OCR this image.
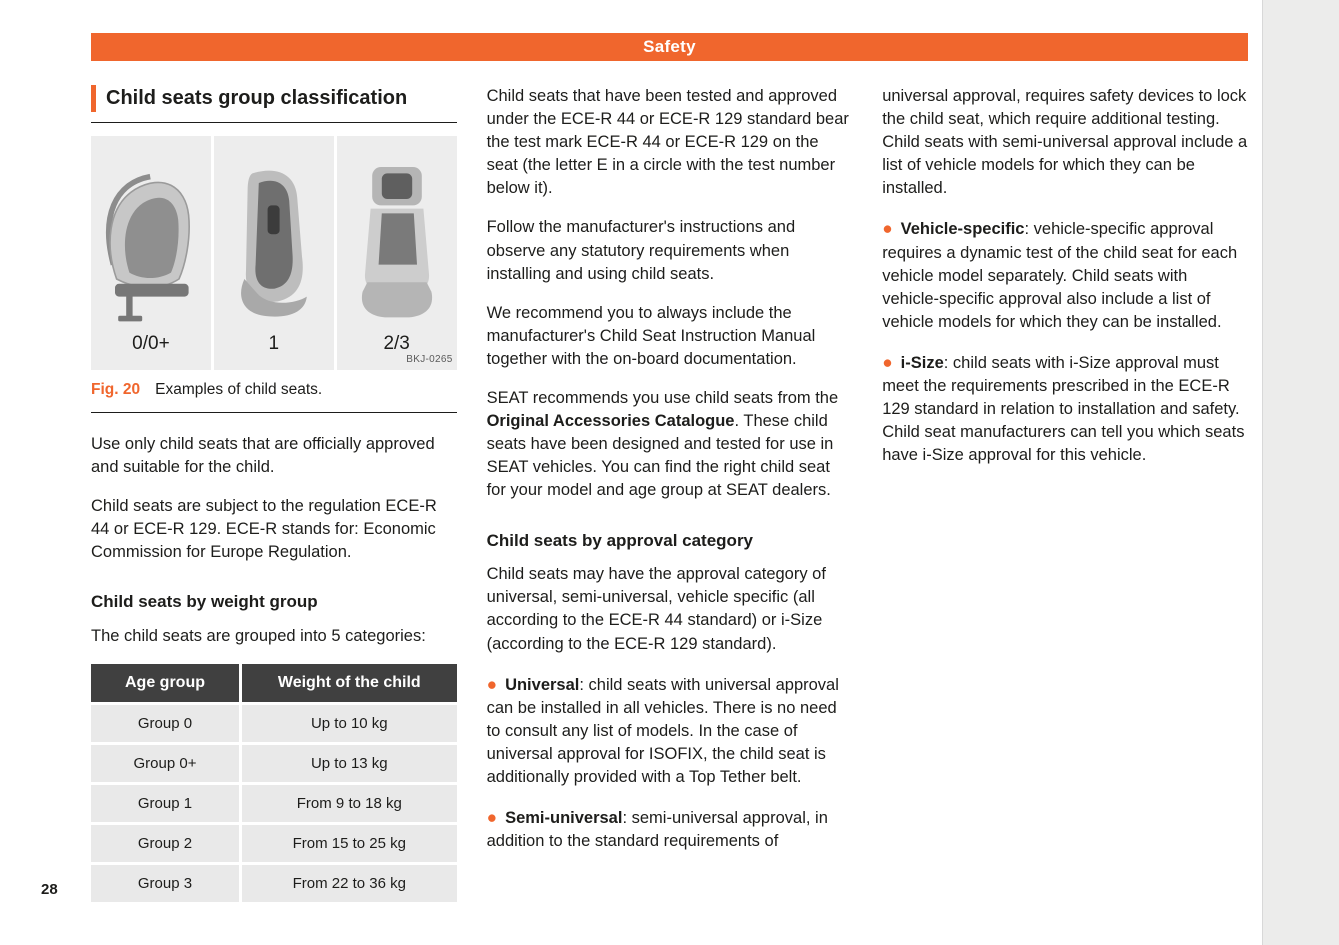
Safety
Child seats group classification
0/0+	1	2/3
BKJ-0265
Fig. 20 Examples of child seats.

Use only child seats that are officially approved and suitable for the child.

Child seats are subject to the regulation ECE-R 44 or ECE-R 129. ECE-R stands for: Economic Commission for Europe Regulation.

Child seats by weight group

The child seats are grouped into 5 categories:

Age group	Weight of the child
Group 0	Up to 10 kg
Group 0+	Up to 13 kg
Group 1	From 9 to 18 kg
Group 2	From 15 to 25 kg
Group 3	From 22 to 36 kg

Child seats that have been tested and approved under the ECE-R 44 or ECE-R 129 standard bear the test mark ECE-R 44 or ECE-R 129 on the seat (the letter E in a circle with the test number below it).

Follow the manufacturer's instructions and observe any statutory requirements when installing and using child seats.

We recommend you to always include the manufacturer's Child Seat Instruction Manual together with the on-board documentation.

SEAT recommends you use child seats from the Original Accessories Catalogue. These child seats have been designed and tested for use in SEAT vehicles. You can find the right child seat for your model and age group at SEAT dealers.

Child seats by approval category

Child seats may have the approval category of universal, semi-universal, vehicle specific (all according to the ECE-R 44 standard) or i-Size (according to the ECE-R 129 standard).

● Universal: child seats with universal approval can be installed in all vehicles. There is no need to consult any list of models. In the case of universal approval for ISOFIX, the child seat is additionally provided with a Top Tether belt.

● Semi-universal: semi-universal approval, in addition to the standard requirements of

universal approval, requires safety devices to lock the child seat, which require additional testing. Child seats with semi-universal approval include a list of vehicle models for which they can be installed.

● Vehicle-specific: vehicle-specific approval requires a dynamic test of the child seat for each vehicle model separately. Child seats with vehicle-specific approval also include a list of vehicle models for which they can be installed.

● i-Size: child seats with i-Size approval must meet the requirements prescribed in the ECE-R 129 standard in relation to installation and safety. Child seat manufacturers can tell you which seats have i-Size approval for this vehicle.

28
